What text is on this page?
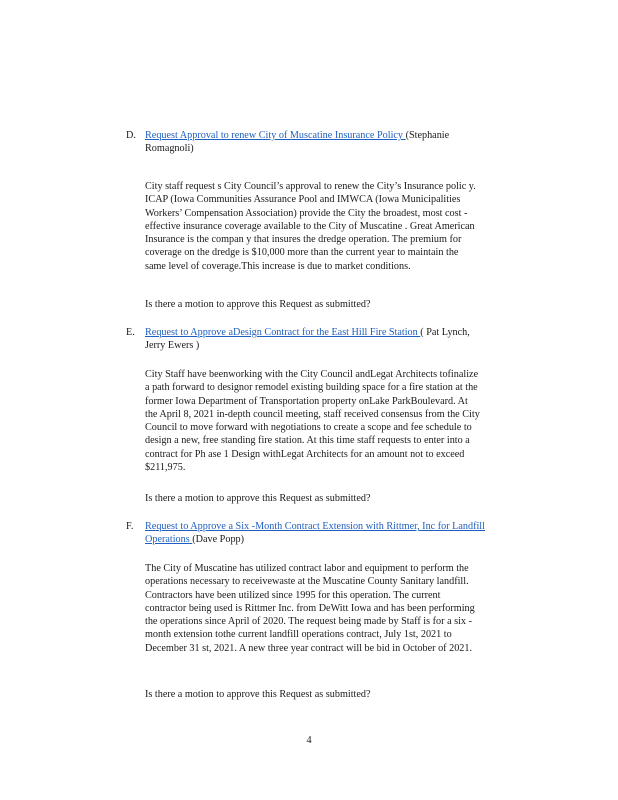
D. Request Approval to renew City of Muscatine Insurance Policy (Stephanie
Romagnoli)
City staff request s City Council’s approval to renew the City’s Insurance polic y.
ICAP (Iowa Communities Assurance Pool and IMWCA (Iowa Municipalities
Workers’ Compensation Association) provide the City the broadest, most cost -
effective insurance coverage available to the City of Muscatine . Great American
Insurance is the compan y that insures the dredge operation. The premium for
coverage on the dredge is $10,000 more than the current year to maintain the
same level of coverage.This increase is due to market conditions.
Is there a motion to approve this Request as submitted?
E. Request to Approve aDesign Contract for the East Hill Fire Station ( Pat Lynch,
Jerry Ewers )
City Staff have beenworking with the City Council andLegat Architects tofinalize
a path forward to designor remodel existing building space for a fire station at the
former Iowa Department of Transportation property onLake ParkBoulevard. At
the April 8, 2021 in-depth council meeting, staff received consensus from the City
Council to move forward with negotiations to create a scope and fee schedule to
design a new, free standing fire station. At this time staff requests to enter into a
contract for Ph ase 1 Design withLegat Architects for an amount not to exceed
$211,975.
Is there a motion to approve this Request as submitted?
F. Request to Approve a Six -Month Contract Extension with Rittmer, Inc for Landfill
Operations (Dave Popp)
The City of Muscatine has utilized contract labor and equipment to perform the
operations necessary to receivewaste at the Muscatine County Sanitary landfill.
Contractors have been utilized since 1995 for this operation. The current
contractor being used is Rittmer Inc. from DeWitt Iowa and has been performing
the operations since April of 2020. The request being made by Staff is for a six -
month extension tothe current landfill operations contract, July 1st, 2021 to
December 31 st, 2021. A new three year contract will be bid in October of 2021.
Is there a motion to approve this Request as submitted?
4
